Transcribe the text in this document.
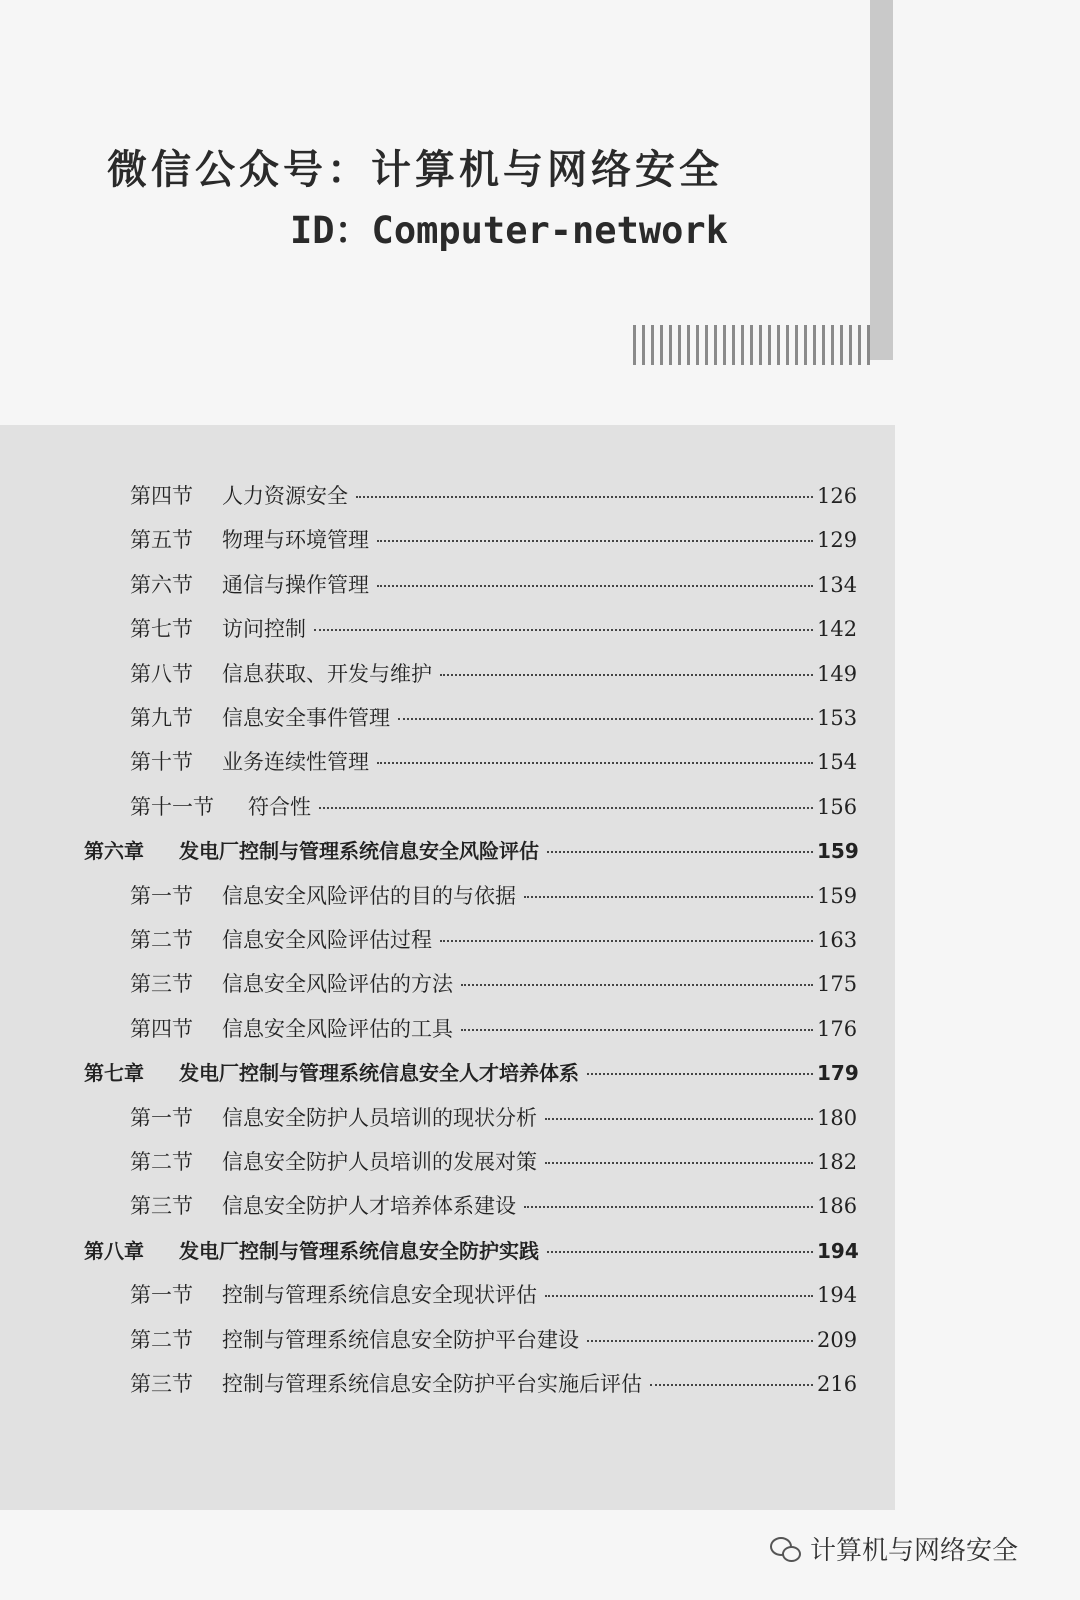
微信公众号：计算机与网络安全
ID：Computer-network
第四节	人力资源安全	126
第五节	物理与环境管理	129
第六节	通信与操作管理	134
第七节	访问控制	142
第八节	信息获取、开发与维护	149
第九节	信息安全事件管理	153
第十节	业务连续性管理	154
第十一节	符合性	156
第六章	发电厂控制与管理系统信息安全风险评估	159
第一节	信息安全风险评估的目的与依据	159
第二节	信息安全风险评估过程	163
第三节	信息安全风险评估的方法	175
第四节	信息安全风险评估的工具	176
第七章	发电厂控制与管理系统信息安全人才培养体系	179
第一节	信息安全防护人员培训的现状分析	180
第二节	信息安全防护人员培训的发展对策	182
第三节	信息安全防护人才培养体系建设	186
第八章	发电厂控制与管理系统信息安全防护实践	194
第一节	控制与管理系统信息安全现状评估	194
第二节	控制与管理系统信息安全防护平台建设	209
第三节	控制与管理系统信息安全防护平台实施后评估	216
计算机与网络安全
